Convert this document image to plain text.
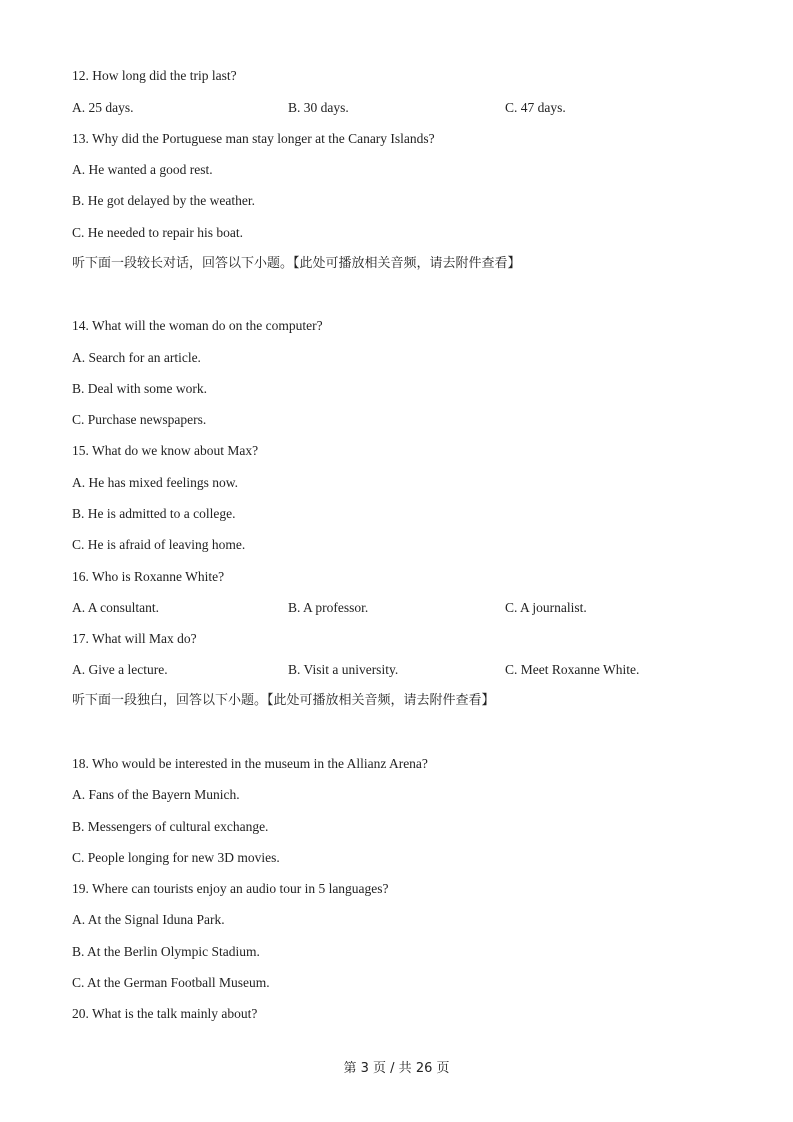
12. How long did the trip last?
A. 25 days.	B. 30 days.	C. 47 days.
13. Why did the Portuguese man stay longer at the Canary Islands?
A. He wanted a good rest.
B. He got delayed by the weather.
C. He needed to repair his boat.
听下面一段较长对话，回答以下小题。【此处可播放相关音频，请去附件查看】
14. What will the woman do on the computer?
A. Search for an article.
B. Deal with some work.
C. Purchase newspapers.
15. What do we know about Max?
A. He has mixed feelings now.
B. He is admitted to a college.
C. He is afraid of leaving home.
16. Who is Roxanne White?
A. A consultant.	B. A professor.	C. A journalist.
17. What will Max do?
A. Give a lecture.	B. Visit a university.	C. Meet Roxanne White.
听下面一段独白，回答以下小题。【此处可播放相关音频，请去附件查看】
18. Who would be interested in the museum in the Allianz Arena?
A. Fans of the Bayern Munich.
B. Messengers of cultural exchange.
C. People longing for new 3D movies.
19. Where can tourists enjoy an audio tour in 5 languages?
A. At the Signal Iduna Park.
B. At the Berlin Olympic Stadium.
C. At the German Football Museum.
20. What is the talk mainly about?
第 3 页 / 共 26 页
